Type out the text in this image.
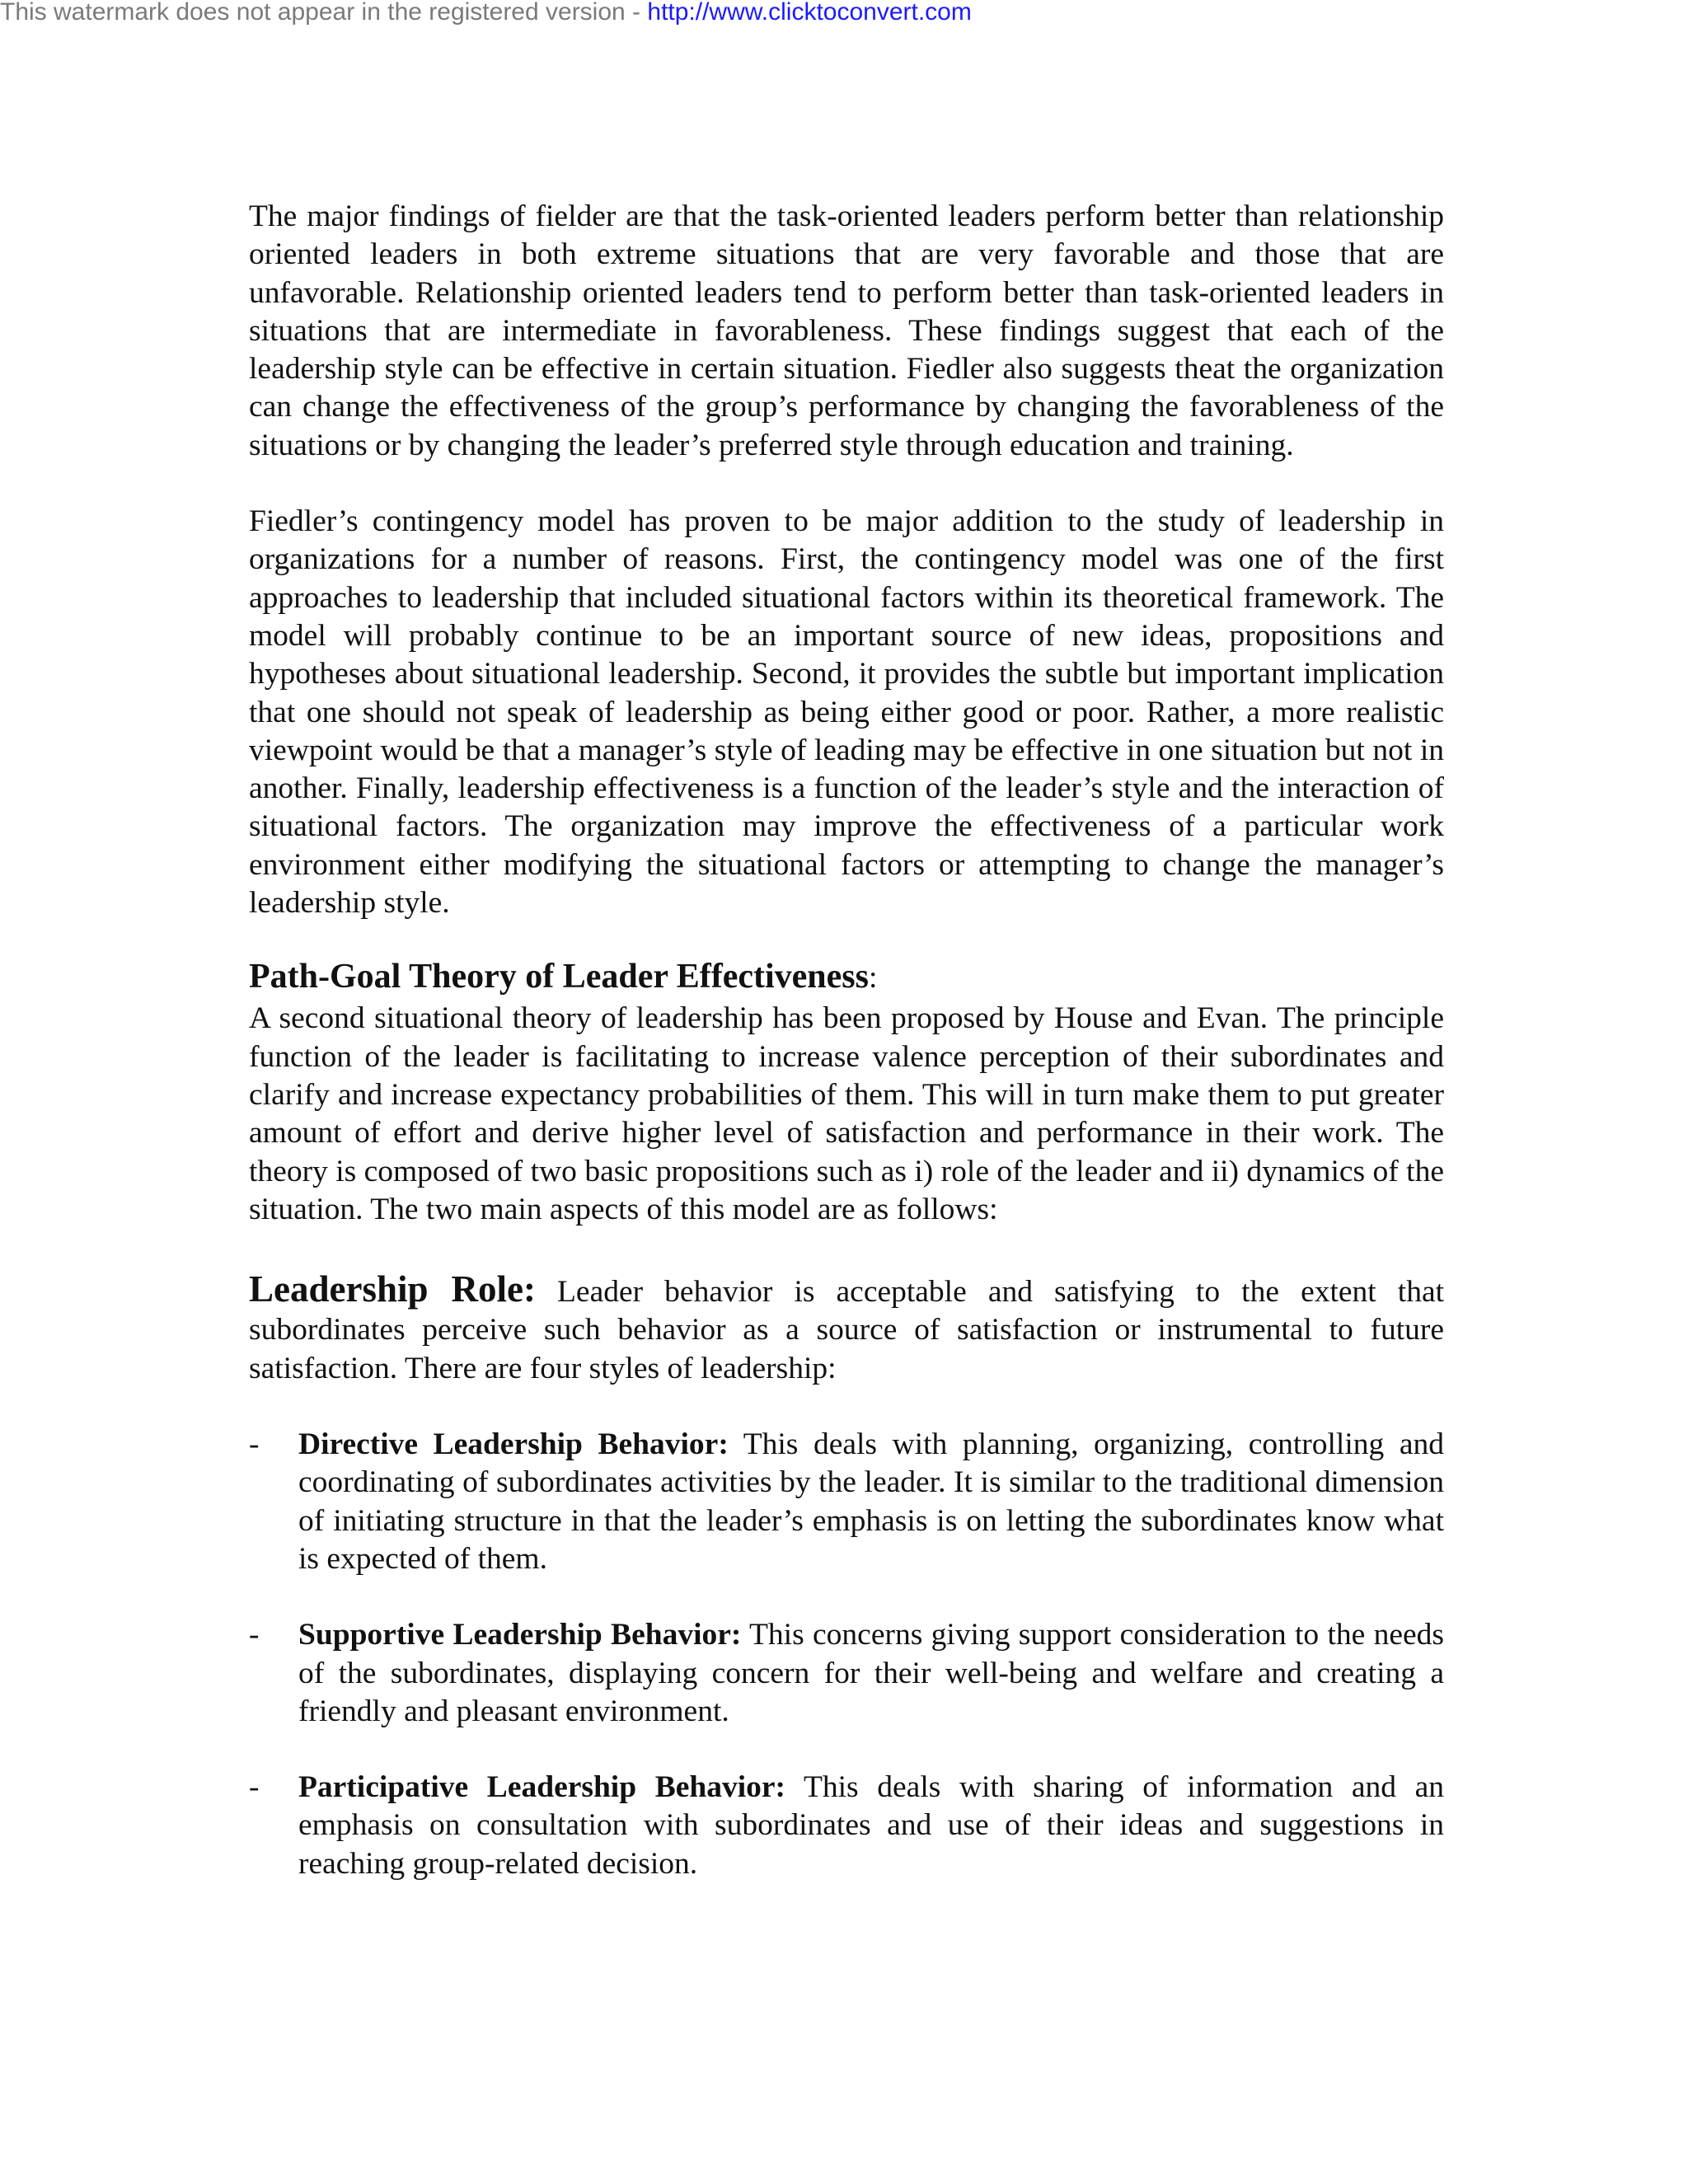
This watermark does not appear in the registered version - http://www.clicktoconvert.com

The major findings of fielder are that the task-oriented leaders perform better than relationship oriented leaders in both extreme situations that are very favorable and those that are unfavorable. Relationship oriented leaders tend to perform better than task-oriented leaders in situations that are intermediate in favorableness. These findings suggest that each of the leadership style can be effective in certain situation. Fiedler also suggests theat the organization can change the effectiveness of the group’s performance by changing the favorableness of the situations or by changing the leader’s preferred style through education and training.

Fiedler’s contingency model has proven to be major addition to the study of leadership in organizations for a number of reasons. First, the contingency model was one of the first approaches to leadership that included situational factors within its theoretical framework. The model will probably continue to be an important source of new ideas, propositions and hypotheses about situational leadership. Second, it provides the subtle but important implication that one should not speak of leadership as being either good or poor. Rather, a more realistic viewpoint would be that a manager’s style of leading may be effective in one situation but not in another. Finally, leadership effectiveness is a function of the leader’s style and the interaction of situational factors. The organization may improve the effectiveness of a particular work environment either modifying the situational factors or attempting to change the manager’s leadership style.

Path-Goal Theory of Leader Effectiveness:

A second situational theory of leadership has been proposed by House and Evan. The principle function of the leader is facilitating to increase valence perception of their subordinates and clarify and increase expectancy probabilities of them. This will in turn make them to put greater amount of effort and derive higher level of satisfaction and performance in their work. The theory is composed of two basic propositions such as i) role of the leader and ii) dynamics of the situation. The two main aspects of this model are as follows:

Leadership Role: Leader behavior is acceptable and satisfying to the extent that subordinates perceive such behavior as a source of satisfaction or instrumental to future satisfaction. There are four styles of leadership:

- Directive Leadership Behavior: This deals with planning, organizing, controlling and coordinating of subordinates activities by the leader. It is similar to the traditional dimension of initiating structure in that the leader’s emphasis is on letting the subordinates know what is expected of them.
- Supportive Leadership Behavior: This concerns giving support consideration to the needs of the subordinates, displaying concern for their well-being and welfare and creating a friendly and pleasant environment.
- Participative Leadership Behavior: This deals with sharing of information and an emphasis on consultation with subordinates and use of their ideas and suggestions in reaching group-related decision.
